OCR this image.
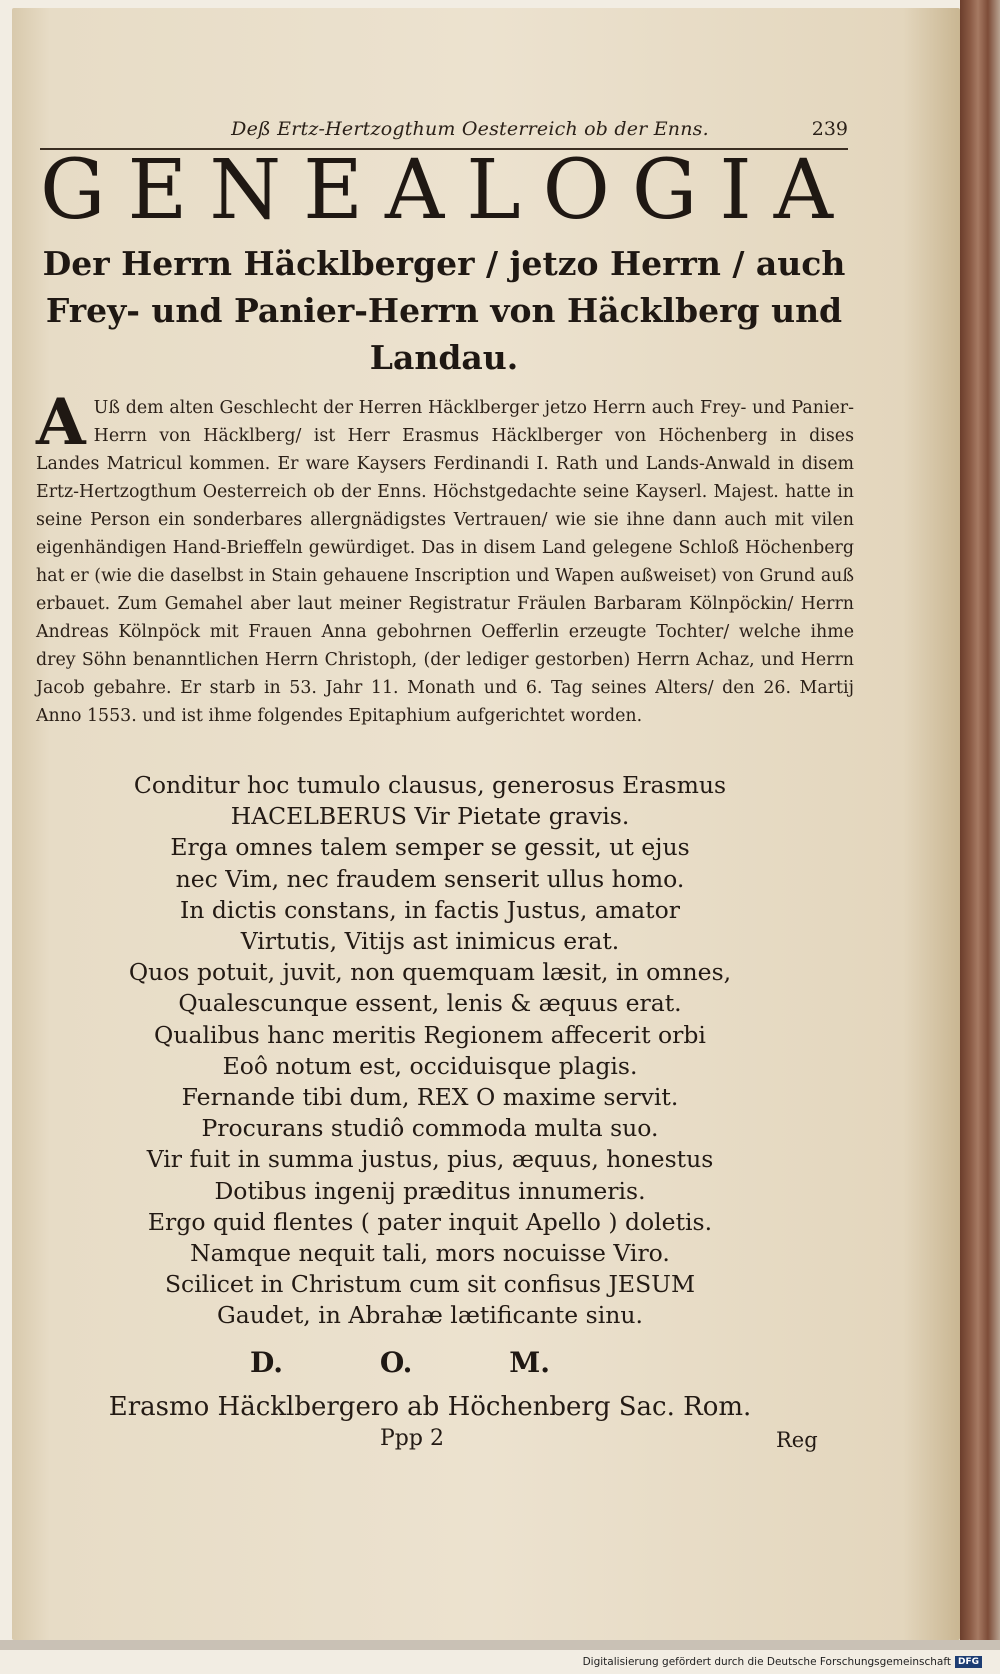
Deß Ertz-Hertzogthum Oesterreich ob der Enns.	239
GENEALOGIA
Der Herrn Häcklberger / jetzo Herrn / auch Frey- und Panier-Herrn von Häcklberg und Landau.
A Uß dem alten Geschlecht der Herren Häcklberger jetzo Herrn auch Frey- und Panier-Herrn von Häcklberg/ ist Herr Erasmus Häcklberger von Höchenberg in dises Landes Matricul kommen. Er ware Kaysers Ferdinandi I. Rath und Lands-Anwald in disem Ertz-Hertzogthum Oesterreich ob der Enns. Höchstgedachte seine Kayserl. Majest. hatte in seine Person ein sonderbares allergnädigstes Vertrauen/ wie sie ihne dann auch mit vilen eigenhändigen Hand-Brieffeln gewürdiget. Das in disem Land gelegene Schloß Höchenberg hat er (wie die daselbst in Stain gehauene Inscription und Wapen außweiset) von Grund auß erbauet. Zum Gemahel aber laut meiner Registratur Fräulen Barbaram Kölnpöckin/ Herrn Andreas Kölnpöck mit Frauen Anna gebohrnen Oefferlin erzeugte Tochter/ welche ihme drey Söhn benanntlichen Herrn Christoph, (der lediger gestorben) Herrn Achaz, und Herrn Jacob gebahre. Er starb in 53. Jahr 11. Monath und 6. Tag seines Alters/ den 26. Martij Anno 1553. und ist ihme folgendes Epitaphium aufgerichtet worden.
Conditur hoc tumulo clausus, generosus Erasmus
HACELBERUS Vir Pietate gravis.
Erga omnes talem semper se gessit, ut ejus
nec Vim, nec fraudem senserit ullus homo.
In dictis constans, in factis Justus, amator
Virtutis, Vitijs ast inimicus erat.
Quos potuit, juvit, non quemquam læsit, in omnes,
Qualescunque essent, lenis & æquus erat.
Qualibus hanc meritis Regionem affecerit orbi
Eoô notum est, occiduisque plagis.
Fernande tibi dum, REX O maxime servit.
Procurans studiô commoda multa suo.
Vir fuit in summa justus, pius, æquus, honestus
Dotibus ingenij præditus innumeris.
Ergo quid flentes ( pater inquit Apello ) doletis.
Namque nequit tali, mors nocuisse Viro.
Scilicet in Christum cum sit confisus JESUM
Gaudet, in Abrahæ lætificante sinu.
D.	O.	M.
Erasmo Häcklbergero ab Höchenberg Sac. Rom.
Ppp 2	Reg
Digitalisierung gefördert durch die Deutsche Forschungsgemeinschaft DFG
